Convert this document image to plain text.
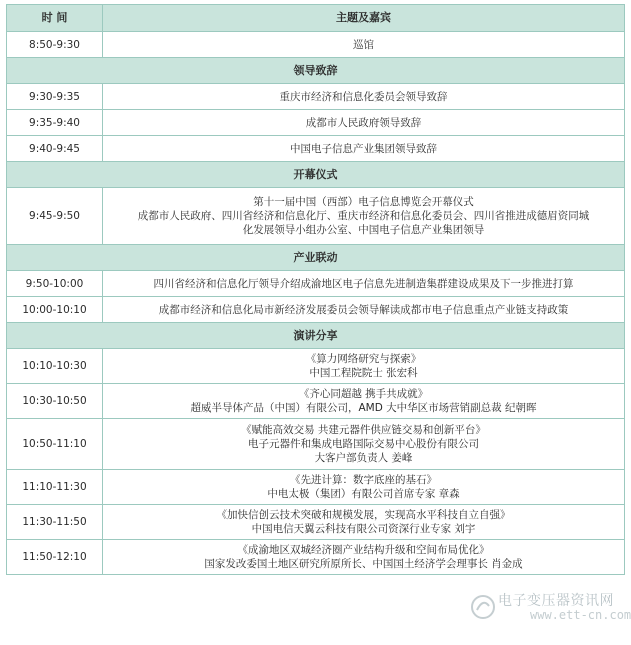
时 间	主题及嘉宾
8:50-9:30	巡馆

领导致辞	
9:30-9:35	重庆市经济和信息化委员会领导致辞

9:35-9:40	成都市人民政府领导致辞

9:40-9:45	中国电子信息产业集团领导致辞

开幕仪式	
9:45-9:50	第十一届中国（西部）电子信息博览会开幕仪式
成都市人民政府、四川省经济和信息化厅、重庆市经济和信息化委员会、四川省推进成德眉资同城
化发展领导小组办公室、中国电子信息产业集团领导

产业联动	
9:50-10:00	四川省经济和信息化厅领导介绍成渝地区电子信息先进制造集群建设成果及下一步推进打算

10:00-10:10	成都市经济和信息化局市新经济发展委员会领导解读成都市电子信息重点产业链支持政策

演讲分享	
10:10-10:30	《算力网络研究与探索》
中国工程院院士 张宏科

10:30-10:50	《齐心同超越 携手共成就》
超威半导体产品（中国）有限公司，AMD 大中华区市场营销副总裁 纪朝晖

10:50-11:10	《赋能高效交易 共建元器件供应链交易和创新平台》
电子元器件和集成电路国际交易中心股份有限公司
大客户部负责人 姜峰

11:10-11:30	《先进计算：数字底座的基石》
中电太极（集团）有限公司首席专家 章森

11:30-11:50	《加快信创云技术突破和规模发展，实现高水平科技自立自强》
中国电信天翼云科技有限公司资深行业专家 刘宇

11:50-12:10	《成渝地区双城经济圈产业结构升级和空间布局优化》
国家发改委国土地区研究所原所长、中国国土经济学会理事长 肖金成
电子变压器资讯网
www.ett-cn.com
